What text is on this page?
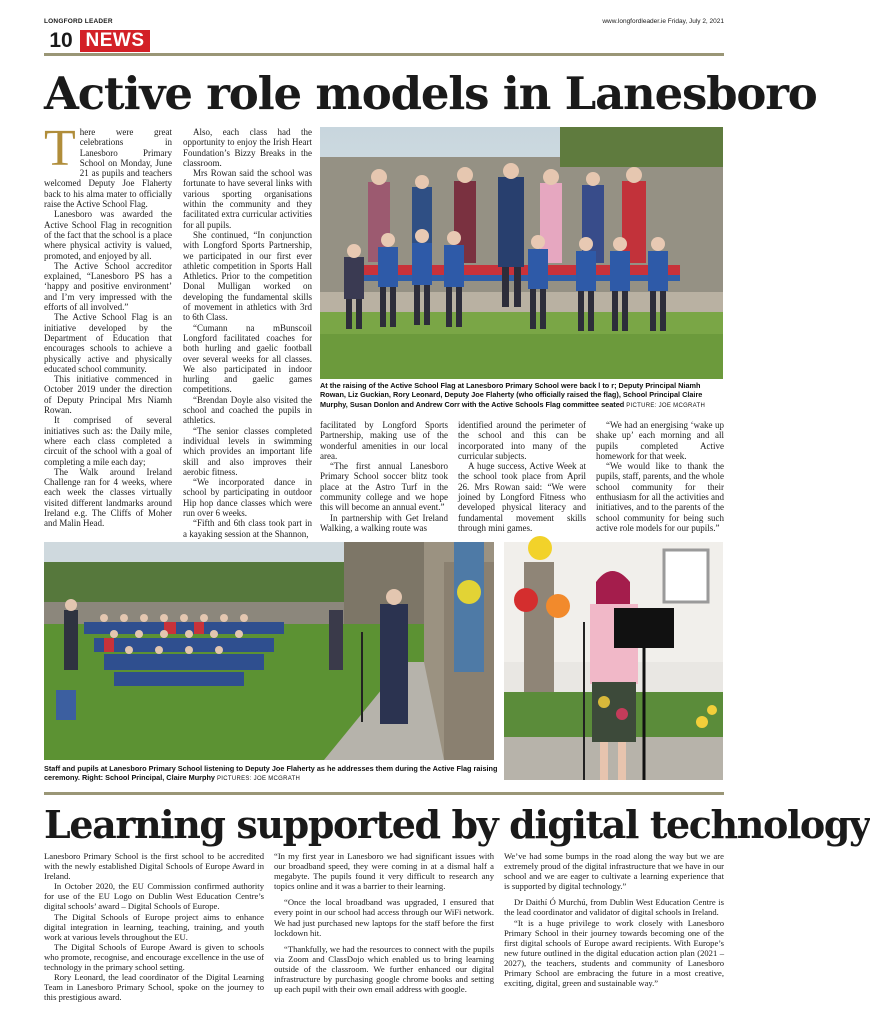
LONGFORD LEADER	www.longfordleader.ie Friday, July 2, 2021
10 NEWS
Active role models in Lanesboro
T here were great celebrations in Lanesboro Primary School on Monday, June 21 as pupils and teachers welcomed Deputy Joe Flaherty back to his alma mater to officially raise the Active School Flag.

Lanesboro was awarded the Active School Flag in recognition of the fact that the school is a place where physical activity is valued, promoted, and enjoyed by all.

The Active School accreditor explained, “Lanesboro PS has a ‘happy and positive environment’ and I’m very impressed with the efforts of all involved.”

The Active School Flag is an initiative developed by the Department of Education that encourages schools to achieve a physically active and physically educated school community.

This initiative commenced in October 2019 under the direction of Deputy Principal Mrs Niamh Rowan.

It comprised of several initiatives such as: the Daily mile, where each class completed a circuit of the school with a goal of completing a mile each day;

The Walk around Ireland Challenge ran for 4 weeks, where each week the classes virtually visited different landmarks around Ireland e.g. The Cliffs of Moher and Malin Head.

Also, each class had the opportunity to enjoy the Irish Heart Foundation’s Bizzy Breaks in the classroom.

Mrs Rowan said the school was fortunate to have several links with various sporting organisations within the community and they facilitated extra curricular activities for all pupils.

She continued, “In conjunction with Longford Sports Partnership, we participated in our first ever athletic competition in Sports Hall Athletics. Prior to the competition Donal Mulligan worked on developing the fundamental skills of movement in athletics with 3rd to 6th Class.

“Cumann na mBunscoil Longford facilitated coaches for both hurling and gaelic football over several weeks for all classes. We also participated in indoor hurling and gaelic games competitions.

“Brendan Doyle also visited the school and coached the pupils in athletics.

“The senior classes completed individual levels in swimming which provides an important life skill and also improves their aerobic fitness.

“We incorporated dance in school by participating in outdoor Hip hop dance classes which were run over 6 weeks.

“Fifth and 6th class took part in a kayaking session at the Shannon,

At the raising of the Active School Flag at Lanesboro Primary School were back l to r; Deputy Principal Niamh Rowan, Liz Guckian, Rory Leonard, Deputy Joe Flaherty (who officially raised the flag), School Principal Claire Murphy, Susan Donlon and Andrew Corr with the Active Schools Flag committee seated PICTURE: JOE MCGRATH

facilitated by Longford Sports Partnership, making use of the wonderful amenities in our local area.

“The first annual Lanesboro Primary School soccer blitz took place at the Astro Turf in the community college and we hope this will become an annual event.”

In partnership with Get Ireland Walking, a walking route was

identified around the perimeter of the school and this can be incorporated into many of the curricular subjects.

A huge success, Active Week at the school took place from April 26. Mrs Rowan said: “We were joined by Longford Fitness who developed physical literacy and fundamental movement skills through mini games.

“We had an energising ‘wake up shake up’ each morning and all pupils completed Active homework for that week.

“We would like to thank the pupils, staff, parents, and the whole school community for their enthusiasm for all the activities and initiatives, and to the parents of the school community for being such active role models for our pupils.”

Staff and pupils at Lanesboro Primary School listening to Deputy Joe Flaherty as he addresses them during the Active Flag raising ceremony. Right: School Principal, Claire Murphy PICTURES: JOE MCGRATH
Learning supported by digital technology

Lanesboro Primary School is the first school to be accredited with the newly established Digital Schools of Europe Award in Ireland.

In October 2020, the EU Commission confirmed authority for use of the EU Logo on Dublin West Education Centre’s digital schools’ award – Digital Schools of Europe.

The Digital Schools of Europe project aims to enhance digital integration in learning, teaching, training, and youth work at various levels throughout the EU.

The Digital Schools of Europe Award is given to schools who promote, recognise, and encourage excellence in the use of technology in the primary school setting.

Rory Leonard, the lead coordinator of the Digital Learning Team in Lanesboro Primary School, spoke on the journey to this prestigious award.

“In my first year in Lanesboro we had significant issues with our broadband speed, they were coming in at a dismal half a megabyte. The pupils found it very difficult to research any topics online and it was a barrier to their learning.

“Once the local broadband was upgraded, I ensured that every point in our school had access through our WiFi network. We had just purchased new laptops for the staff before the first lockdown hit.

“Thankfully, we had the resources to connect with the pupils via Zoom and ClassDojo which enabled us to bring learning outside of the classroom. We further enhanced our digital infrastructure by purchasing google chrome books and setting up each pupil with their own email address with google.

We’ve had some bumps in the road along the way but we are extremely proud of the digital infrastructure that we have in our school and we are eager to cultivate a learning experience that is supported by digital technology.”

Dr Daithí Ó Murchú, from Dublin West Education Centre is the lead coordinator and validator of digital schools in Ireland.

“It is a huge privilege to work closely with Lanesboro Primary School in their journey towards becoming one of the first digital schools of Europe award recipients. With Europe’s new future outlined in the digital education action plan (2021 – 2027), the teachers, students and community of Lanesboro Primary School are embracing the future in a most creative, exciting, digital, green and sustainable way.”
